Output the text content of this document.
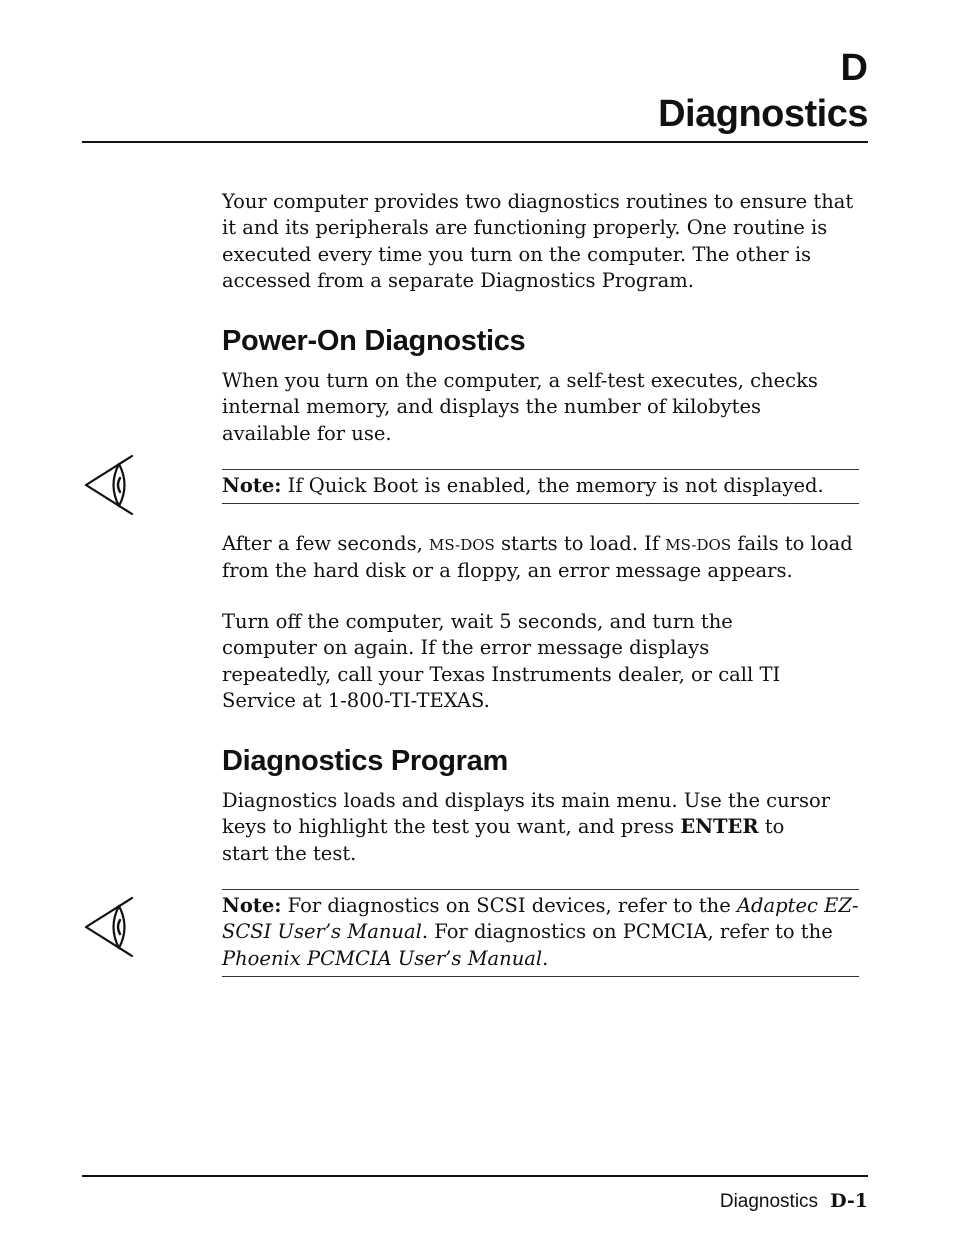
D
Diagnostics

Your computer provides two diagnostics routines to ensure that it and its peripherals are functioning properly. One routine is executed every time you turn on the computer. The other is accessed from a separate Diagnostics Program.

Power-On Diagnostics

When you turn on the computer, a self-test executes, checks internal memory, and displays the number of kilobytes available for use.

Note: If Quick Boot is enabled, the memory is not displayed.

After a few seconds, MS-DOS starts to load. If MS-DOS fails to load from the hard disk or a floppy, an error message appears.

Turn off the computer, wait 5 seconds, and turn the computer on again. If the error message displays repeatedly, call your Texas Instruments dealer, or call TI Service at 1-800-TI-TEXAS.

Diagnostics Program

Diagnostics loads and displays its main menu. Use the cursor keys to highlight the test you want, and press ENTER to start the test.

Note: For diagnostics on SCSI devices, refer to the Adaptec EZ-SCSI User’s Manual. For diagnostics on PCMCIA, refer to the Phoenix PCMCIA User’s Manual.
Diagnostics D-1
